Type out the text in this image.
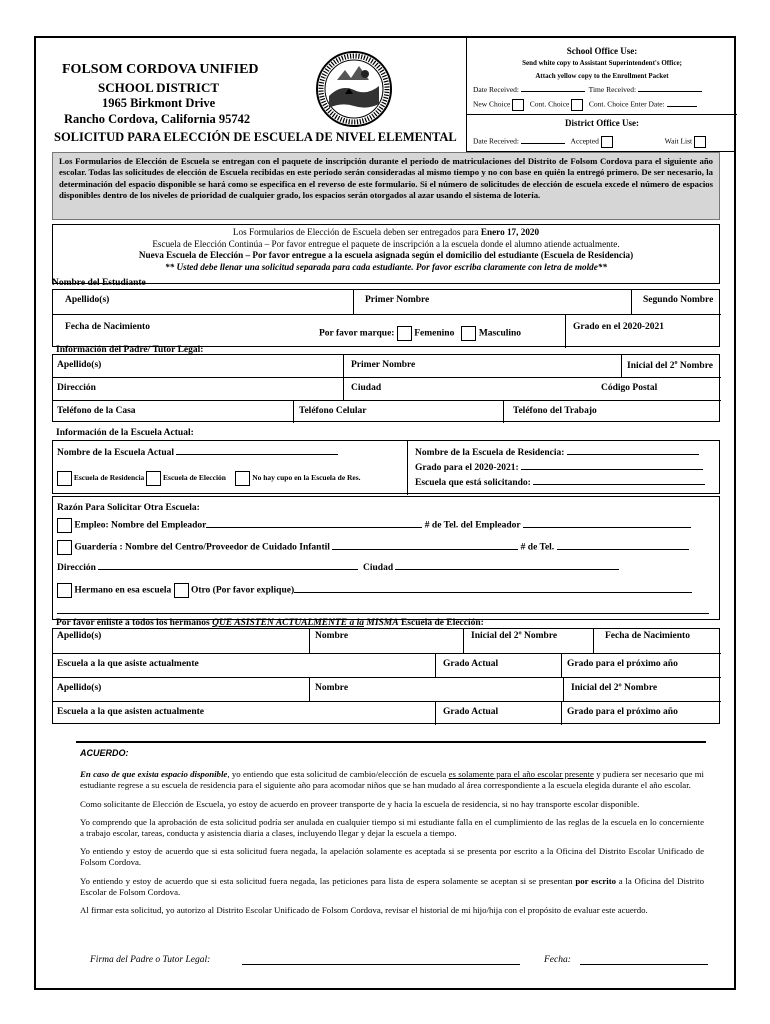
FOLSOM CORDOVA UNIFIED
SCHOOL DISTRICT
1965 Birkmont Drive
Rancho Cordova, California 95742
SOLICITUD PARA ELECCIÓN DE ESCUELA DE NIVEL ELEMENTAL
School Office Use:
Send white copy to Assistant Superintendent's Office;
Attach yellow copy to the Enrollment Packet
Date Received:	Time Received:
New Choice	Cont. Choice	Cont. Choice Enter Date:
District Office Use:
Date Received:	Accepted	Wait List
Los Formularios de Elección de Escuela se entregan con el paquete de inscripción durante el periodo de matriculaciones del Distrito de Folsom Cordova para el siguiente año escolar. Todas las solicitudes de elección de Escuela recibidas en este periodo serán consideradas al mismo tiempo y no con base en quién la entregó primero. De ser necesario, la determinación del espacio disponible se hará como se especifica en el reverso de este formulario. Si el número de solicitudes de elección de escuela excede el número de espacios disponibles dentro de los niveles de prioridad de cualquier grado, los espacios serán otorgados al azar usando el sistema de lotería.
Los Formularios de Elección de Escuela deben ser entregados para Enero 17, 2020
Escuela de Elección Continúa – Por favor entregue el paquete de inscripción a la escuela donde el alumno atiende actualmente.
Nueva Escuela de Elección – Por favor entregue a la escuela asignada según el domicilio del estudiante (Escuela de Residencia)
** Usted debe llenar una solicitud separada para cada estudiante. Por favor escriba claramente con letra de molde**
Nombre del Estudiante
Apellido(s)	Primer Nombre	Segundo Nombre
Fecha de Nacimiento
Por favor marque: Femenino	Masculino
Grado en el 2020-2021
Información del Padre/ Tutor Legal:
Apellido(s)	Primer Nombre	Inicial del 2$^o$ Nombre
Dirección	Ciudad	Código Postal
Teléfono de la Casa	Teléfono Celular	Teléfono del Trabajo
Información de la Escuela Actual:
Nombre de la Escuela Actual
Escuela de Residencia	Escuela de Elección	No hay cupo en la Escuela de Res.
Nombre de la Escuela de Residencia:
Grado para el 2020-2021:
Escuela que está solicitando:
Razón Para Solicitar Otra Escuela:
Empleo: Nombre del Empleador	# de Tel. del Empleador
Guardería : Nombre del Centro/Proveedor de Cuidado Infantil	# de Tel.
Dirección	Ciudad
Hermano en esa escuela Otro (Por favor explique)
Por favor enliste a todos los hermanos QUE ASISTEN ACTUALMENTE a la MISMA Escuela de Elección:
Apellido(s)	Nombre	Inicial del 2º Nombre	Fecha de Nacimiento
Escuela a la que asiste actualmente	Grado Actual	Grado para el próximo año
Apellido(s)	Nombre	Inicial del 2º Nombre
Escuela a la que asisten actualmente	Grado Actual	Grado para el próximo año
ACUERDO:

En caso de que exista espacio disponible, yo entiendo que esta solicitud de cambio/elección de escuela es solamente para el año escolar presente y pudiera ser necesario que mi estudiante regrese a su escuela de residencia para el siguiente año para acomodar niños que se han mudado al área correspondiente a la escuela elegida durante el año escolar.

Como solicitante de Elección de Escuela, yo estoy de acuerdo en proveer transporte de y hacia la escuela de residencia, si no hay transporte escolar disponible.

Yo comprendo que la aprobación de esta solicitud podría ser anulada en cualquier tiempo si mi estudiante falla en el cumplimiento de las reglas de la escuela en lo concerniente a trabajo escolar, tareas, conducta y asistencia diaria a clases, incluyendo llegar y dejar la escuela a tiempo.

Yo entiendo y estoy de acuerdo que si esta solicitud fuera negada, la apelación solamente es aceptada si se presenta por escrito a la Oficina del Distrito Escolar Unificado de Folsom Cordova.

Yo entiendo y estoy de acuerdo que si esta solicitud fuera negada, las peticiones para lista de espera solamente se aceptan si se presentan por escrito a la Oficina del Distrito Escolar de Folsom Cordova.

Al firmar esta solicitud, yo autorizo al Distrito Escolar Unificado de Folsom Cordova, revisar el historial de mi hijo/hija con el propósito de evaluar este acuerdo.

Firma del Padre o Tutor Legal:	Fecha:
